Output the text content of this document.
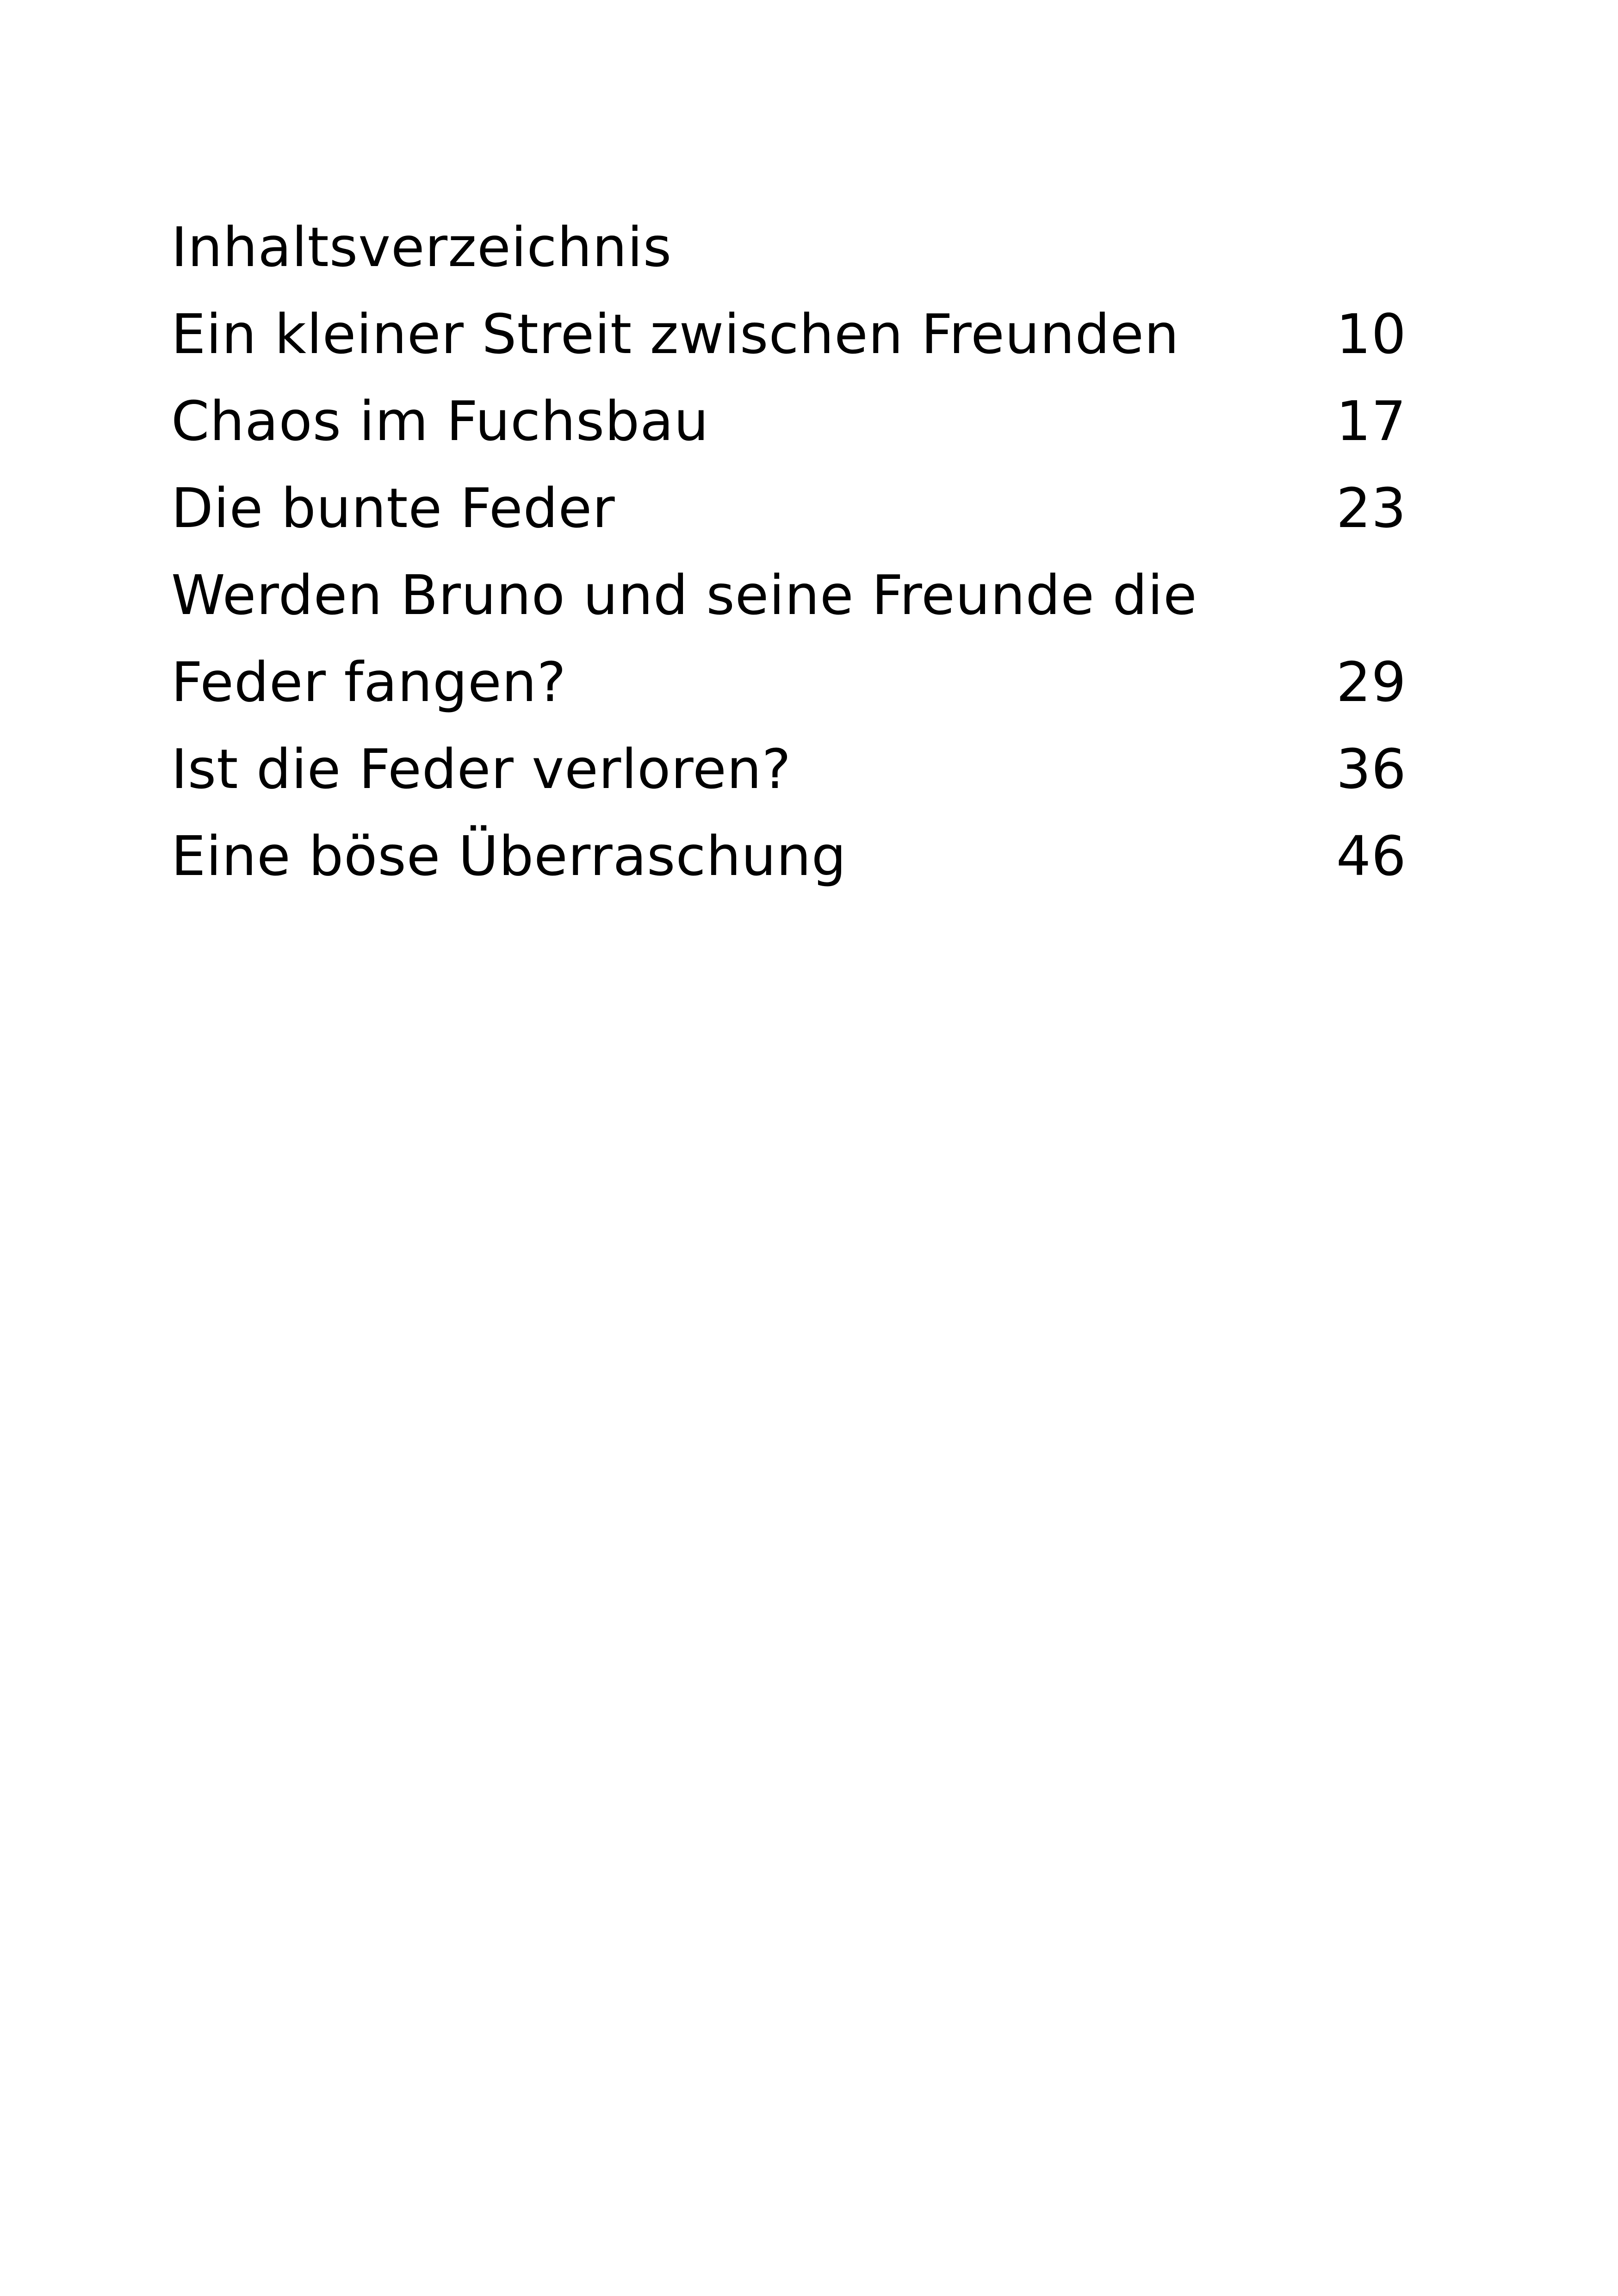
Inhaltsverzeichnis
Ein kleiner Streit zwischen Freunden	10
Chaos im Fuchsbau	17
Die bunte Feder	23
Werden Bruno und seine Freunde die
Feder fangen?	29
Ist die Feder verloren?	36
Eine böse Überraschung	46
